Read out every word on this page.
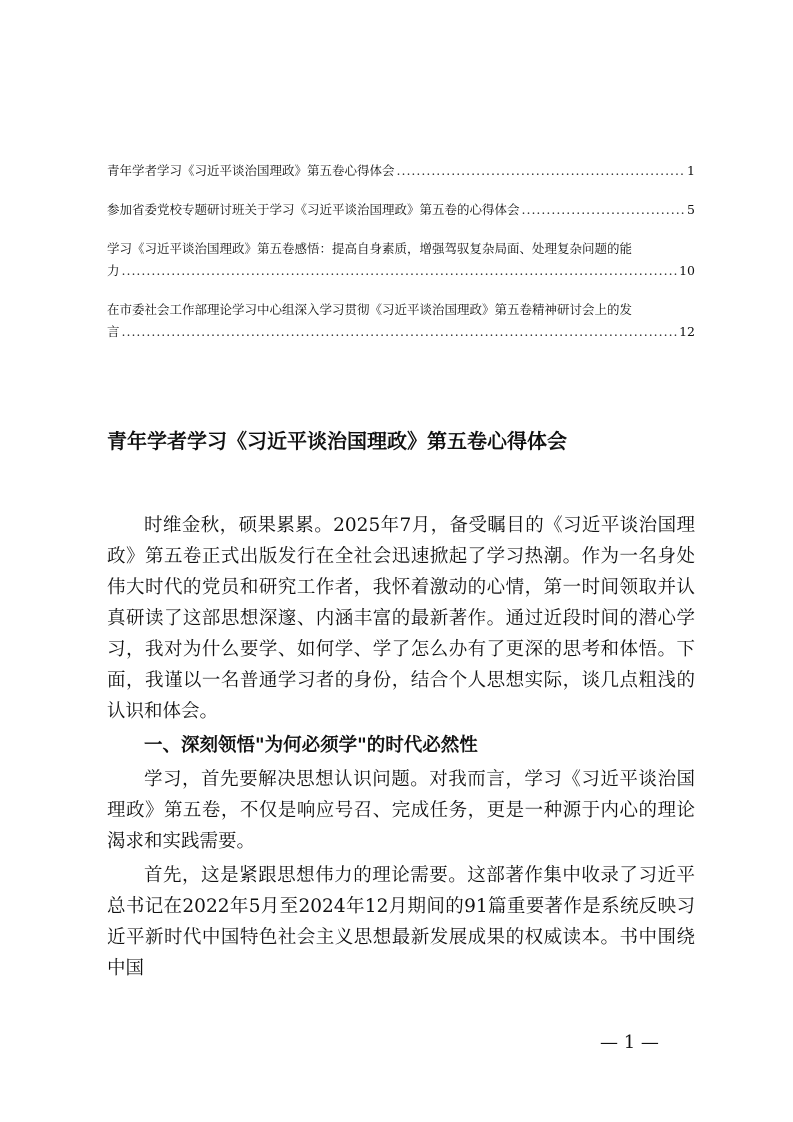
青年学者学习《习近平谈治国理政》第五卷心得体会 .....	1
参加省委党校专题研讨班关于学习《习近平谈治国理政》第五卷的心得体会 .....	5
学习《习近平谈治国理政》第五卷感悟：提高自身素质，增强驾驭复杂局面、处理复杂问题的能
力 .....	10
在市委社会工作部理论学习中心组深入学习贯彻《习近平谈治国理政》第五卷精神研讨会上的发
言 .....	12
青年学者学习《习近平谈治国理政》第五卷心得体会

时维金秋，硕果累累。2025年7月，备受瞩目的《习近平谈治国理政》第五卷正式出版发行在全社会迅速掀起了学习热潮。作为一名身处伟大时代的党员和研究工作者，我怀着激动的心情，第一时间领取并认真研读了这部思想深邃、内涵丰富的最新著作。通过近段时间的潜心学习，我对为什么要学、如何学、学了怎么办有了更深的思考和体悟。下面，我谨以一名普通学习者的身份，结合个人思想实际，谈几点粗浅的认识和体会。

一、深刻领悟"为何必须学"的时代必然性

学习，首先要解决思想认识问题。对我而言，学习《习近平谈治国理政》第五卷，不仅是响应号召、完成任务，更是一种源于内心的理论渴求和实践需要。

首先，这是紧跟思想伟力的理论需要。这部著作集中收录了习近平总书记在2022年5月至2024年12月期间的91篇重要著作是系统反映习近平新时代中国特色社会主义思想最新发展成果的权威读本。书中围绕中国

— 1 —
